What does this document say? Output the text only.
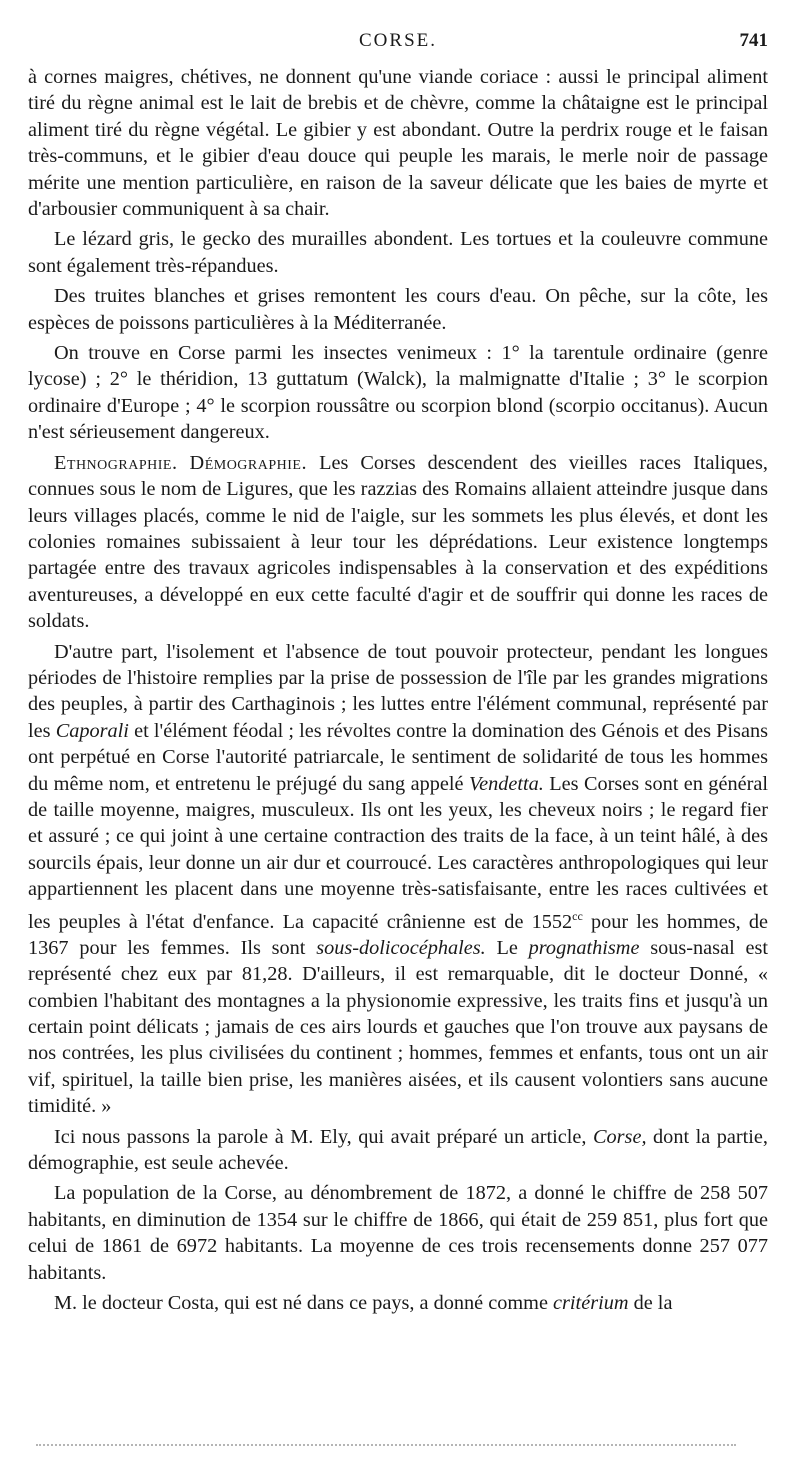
CORSE.	741

à cornes maigres, chétives, ne donnent qu'une viande coriace : aussi le principal aliment tiré du règne animal est le lait de brebis et de chèvre, comme la châtaigne est le principal aliment tiré du règne végétal. Le gibier y est abondant. Outre la perdrix rouge et le faisan très-communs, et le gibier d'eau douce qui peuple les marais, le merle noir de passage mérite une mention particulière, en raison de la saveur délicate que les baies de myrte et d'arbousier communiquent à sa chair.

Le lézard gris, le gecko des murailles abondent. Les tortues et la couleuvre commune sont également très-répandues.

Des truites blanches et grises remontent les cours d'eau. On pêche, sur la côte, les espèces de poissons particulières à la Méditerranée.

On trouve en Corse parmi les insectes venimeux : 1° la tarentule ordinaire (genre lycose) ; 2° le théridion, 13 guttatum (Walck), la malmignatte d'Italie ; 3° le scorpion ordinaire d'Europe ; 4° le scorpion roussâtre ou scorpion blond (scorpio occitanus). Aucun n'est sérieusement dangereux.

Ethnographie. Démographie. Les Corses descendent des vieilles races Italiques, connues sous le nom de Ligures, que les razzias des Romains allaient atteindre jusque dans leurs villages placés, comme le nid de l'aigle, sur les sommets les plus élevés, et dont les colonies romaines subissaient à leur tour les déprédations. Leur existence longtemps partagée entre des travaux agricoles indispensables à la conservation et des expéditions aventureuses, a développé en eux cette faculté d'agir et de souffrir qui donne les races de soldats.

D'autre part, l'isolement et l'absence de tout pouvoir protecteur, pendant les longues périodes de l'histoire remplies par la prise de possession de l'île par les grandes migrations des peuples, à partir des Carthaginois ; les luttes entre l'élément communal, représenté par les Caporali et l'élément féodal ; les révoltes contre la domination des Génois et des Pisans ont perpétué en Corse l'autorité patriarcale, le sentiment de solidarité de tous les hommes du même nom, et entretenu le préjugé du sang appelé Vendetta. Les Corses sont en général de taille moyenne, maigres, musculeux. Ils ont les yeux, les cheveux noirs ; le regard fier et assuré ; ce qui joint à une certaine contraction des traits de la face, à un teint hâlé, à des sourcils épais, leur donne un air dur et courroucé. Les caractères anthropologiques qui leur appartiennent les placent dans une moyenne très-satisfaisante, entre les races cultivées et les peuples à l'état d'enfance. La capacité crânienne est de $1552^{cc}$ pour les hommes, de 1367 pour les femmes. Ils sont sous-dolicocéphales. Le prognathisme sous-nasal est représenté chez eux par 81,28. D'ailleurs, il est remarquable, dit le docteur Donné, « combien l'habitant des montagnes a la physionomie expressive, les traits fins et jusqu'à un certain point délicats ; jamais de ces airs lourds et gauches que l'on trouve aux paysans de nos contrées, les plus civilisées du continent ; hommes, femmes et enfants, tous ont un air vif, spirituel, la taille bien prise, les manières aisées, et ils causent volontiers sans aucune timidité. »

Ici nous passons la parole à M. Ely, qui avait préparé un article, Corse, dont la partie, démographie, est seule achevée.

La population de la Corse, au dénombrement de 1872, a donné le chiffre de 258 507 habitants, en diminution de 1354 sur le chiffre de 1866, qui était de 259 851, plus fort que celui de 1861 de 6972 habitants. La moyenne de ces trois recensements donne 257 077 habitants.

M. le docteur Costa, qui est né dans ce pays, a donné comme critérium de la
